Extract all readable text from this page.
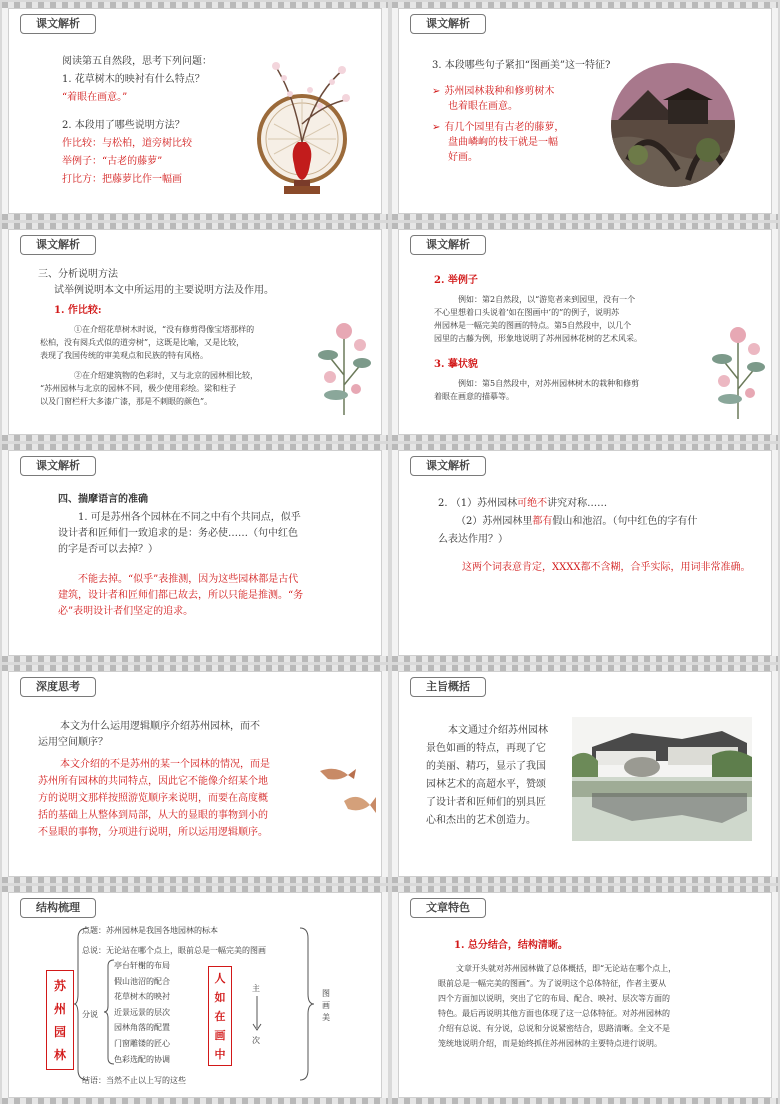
课文解析
阅读第五自然段，思考下列问题：
1. 花草树木的映衬有什么特点？
“着眼在画意。”
2. 本段用了哪些说明方法？
作比较：与松柏，道旁树比较
举例子：“古老的藤萝”
打比方：把藤萝比作一幅画
课文解析
3. 本段哪些句子紧扣“图画美”这一特征?
➢ 苏州园林栽种和修剪树木
也着眼在画意。
➢ 有几个园里有古老的藤萝，
盘曲嶙峋的枝干就是一幅
好画。
课文解析
三、分析说明方法
试举例说明本文中所运用的主要说明方法及作用。
1. 作比较:
①在介绍花草树木时说，“没有修剪得像宝塔那样的
松柏，没有阅兵式似的道旁树”，这既是比喻，又是比较，
表现了我国传统的审美观点和民族的特有风格。
②在介绍建筑物的色彩时，又与北京的园林相比较，
“苏州园林与北京的园林不同，极少使用彩绘。梁和柱子
以及门窗栏杆大多漆广漆，那是不刺眼的颜色”。
课文解析
2. 举例子
例如：第2自然段，以“游览者来到园里，没有一个
不心里想着口头说着‘如在图画中’的”的例子，说明苏
州园林是一幅完美的图画的特点。第5自然段中，以几个
园里的古藤为例，形象地说明了苏州园林花树的艺术风采。
3. 摹状貌
例如：第5自然段中，对苏州园林树木的栽种和修剪
着眼在画意的描摹等。
课文解析
四、揣摩语言的准确
1. 可是苏州各个园林在不同之中有个共同点，似乎
设计者和匠师们一致追求的是：务必使……（句中红色
的字是否可以去掉？）
不能去掉。“似乎”表推测，因为这些园林都是古代
建筑，设计者和匠师们都已故去，所以只能是推测。“务
必”表明设计者们坚定的追求。
课文解析
2. （1）苏州园林可绝不讲究对称……
（2）苏州园林里都有假山和池沼。（句中红色的字有什
么表达作用？）
这两个词表意肯定，XXXX都不含糊，合乎实际，用词非常准确。
深度思考
本文为什么运用逻辑顺序介绍苏州园林，而不
运用空间顺序？
本文介绍的不是苏州的某一个园林的情况，而是
苏州所有园林的共同特点，因此它不能像介绍某个地
方的说明文那样按照游览顺序来说明，而要在高度概
括的基础上从整体到局部，从大的显眼的事物到小的
不显眼的事物，分项进行说明，所以运用逻辑顺序。
主旨概括
本文通过介绍苏州园林
景色如画的特点，再现了它
的美丽、精巧，显示了我国
园林艺术的高超水平，赞颂
了设计者和匠师们的别具匠
心和杰出的艺术创造力。
结构梳理
苏
州
园
林
点题：苏州园林是我国各地园林的标本
总说：无论站在哪个点上，眼前总是一幅完美的图画
分说
亭台轩榭的布局
假山池沼的配合
花草树木的映衬
近景远景的层次
园林角落的配置
门窗雕镂的匠心
色彩选配的协调
人
如
在
画
中
主
次
图
画
美
结语：当然不止以上写的这些
文章特色
1. 总分结合，结构清晰。
文章开头就对苏州园林做了总体概括，即“无论站在哪个点上，
眼前总是一幅完美的图画”。为了说明这个总体特征，作者主要从
四个方面加以说明，突出了它的布局、配合、映衬、层次等方面的
特色。最后再说明其他方面也体现了这一总体特征。对苏州园林的
介绍有总说、有分说，总说和分说紧密结合，思路清晰。全文不是
笼统地说明介绍，而是始终抓住苏州园林的主要特点进行说明。
